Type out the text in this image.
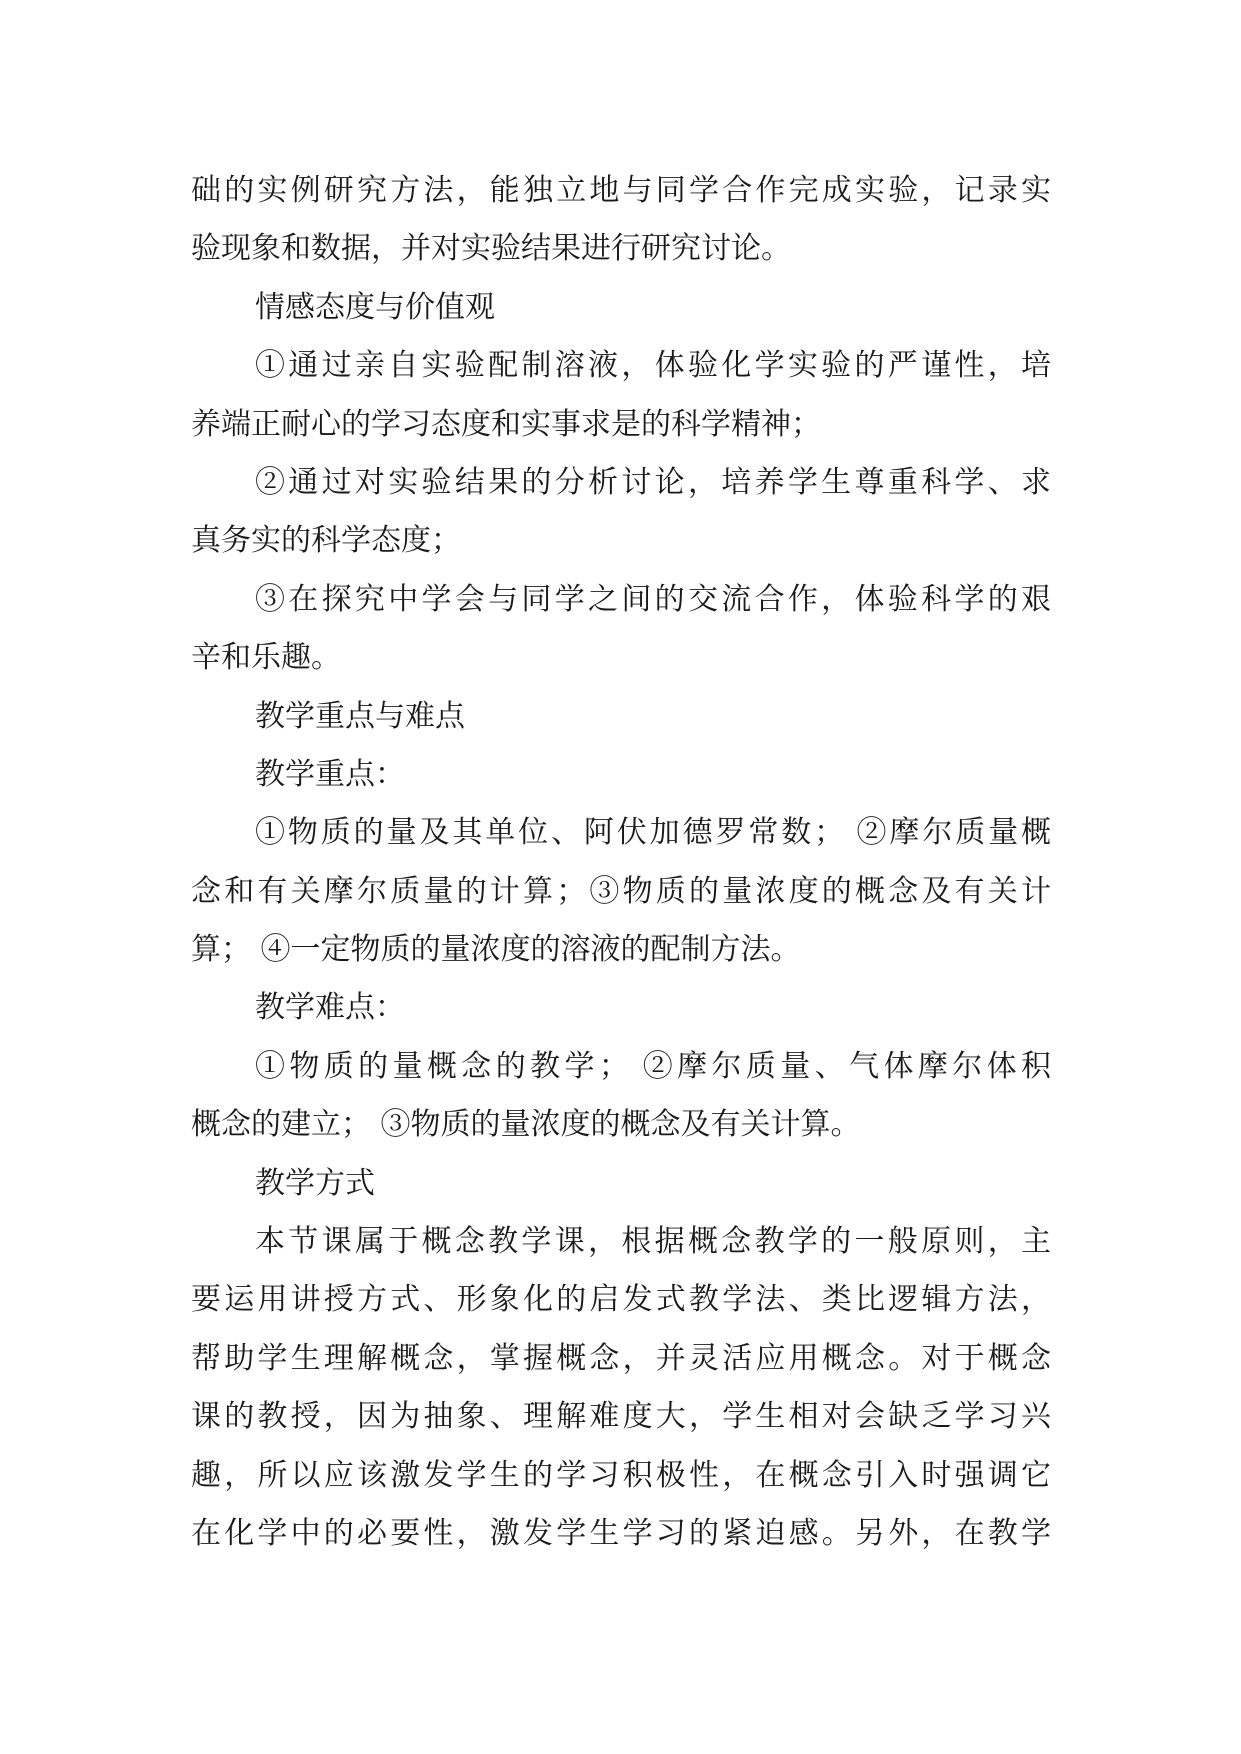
础的实例研究方法，能独立地与同学合作完成实验，记录实
验现象和数据，并对实验结果进行研究讨论。
情感态度与价值观
①通过亲自实验配制溶液，体验化学实验的严谨性，培
养端正耐心的学习态度和实事求是的科学精神；
②通过对实验结果的分析讨论，培养学生尊重科学、求
真务实的科学态度；
③在探究中学会与同学之间的交流合作，体验科学的艰
辛和乐趣。
教学重点与难点
教学重点：
①物质的量及其单位、阿伏加德罗常数； ②摩尔质量概
念和有关摩尔质量的计算；③物质的量浓度的概念及有关计
算； ④一定物质的量浓度的溶液的配制方法。
教学难点：
①物质的量概念的教学； ②摩尔质量、气体摩尔体积
概念的建立； ③物质的量浓度的概念及有关计算。
教学方式
本节课属于概念教学课，根据概念教学的一般原则，主
要运用讲授方式、形象化的启发式教学法、类比逻辑方法，
帮助学生理解概念，掌握概念，并灵活应用概念。对于概念
课的教授，因为抽象、理解难度大，学生相对会缺乏学习兴
趣，所以应该激发学生的学习积极性，在概念引入时强调它
在化学中的必要性，激发学生学习的紧迫感。另外，在教学
